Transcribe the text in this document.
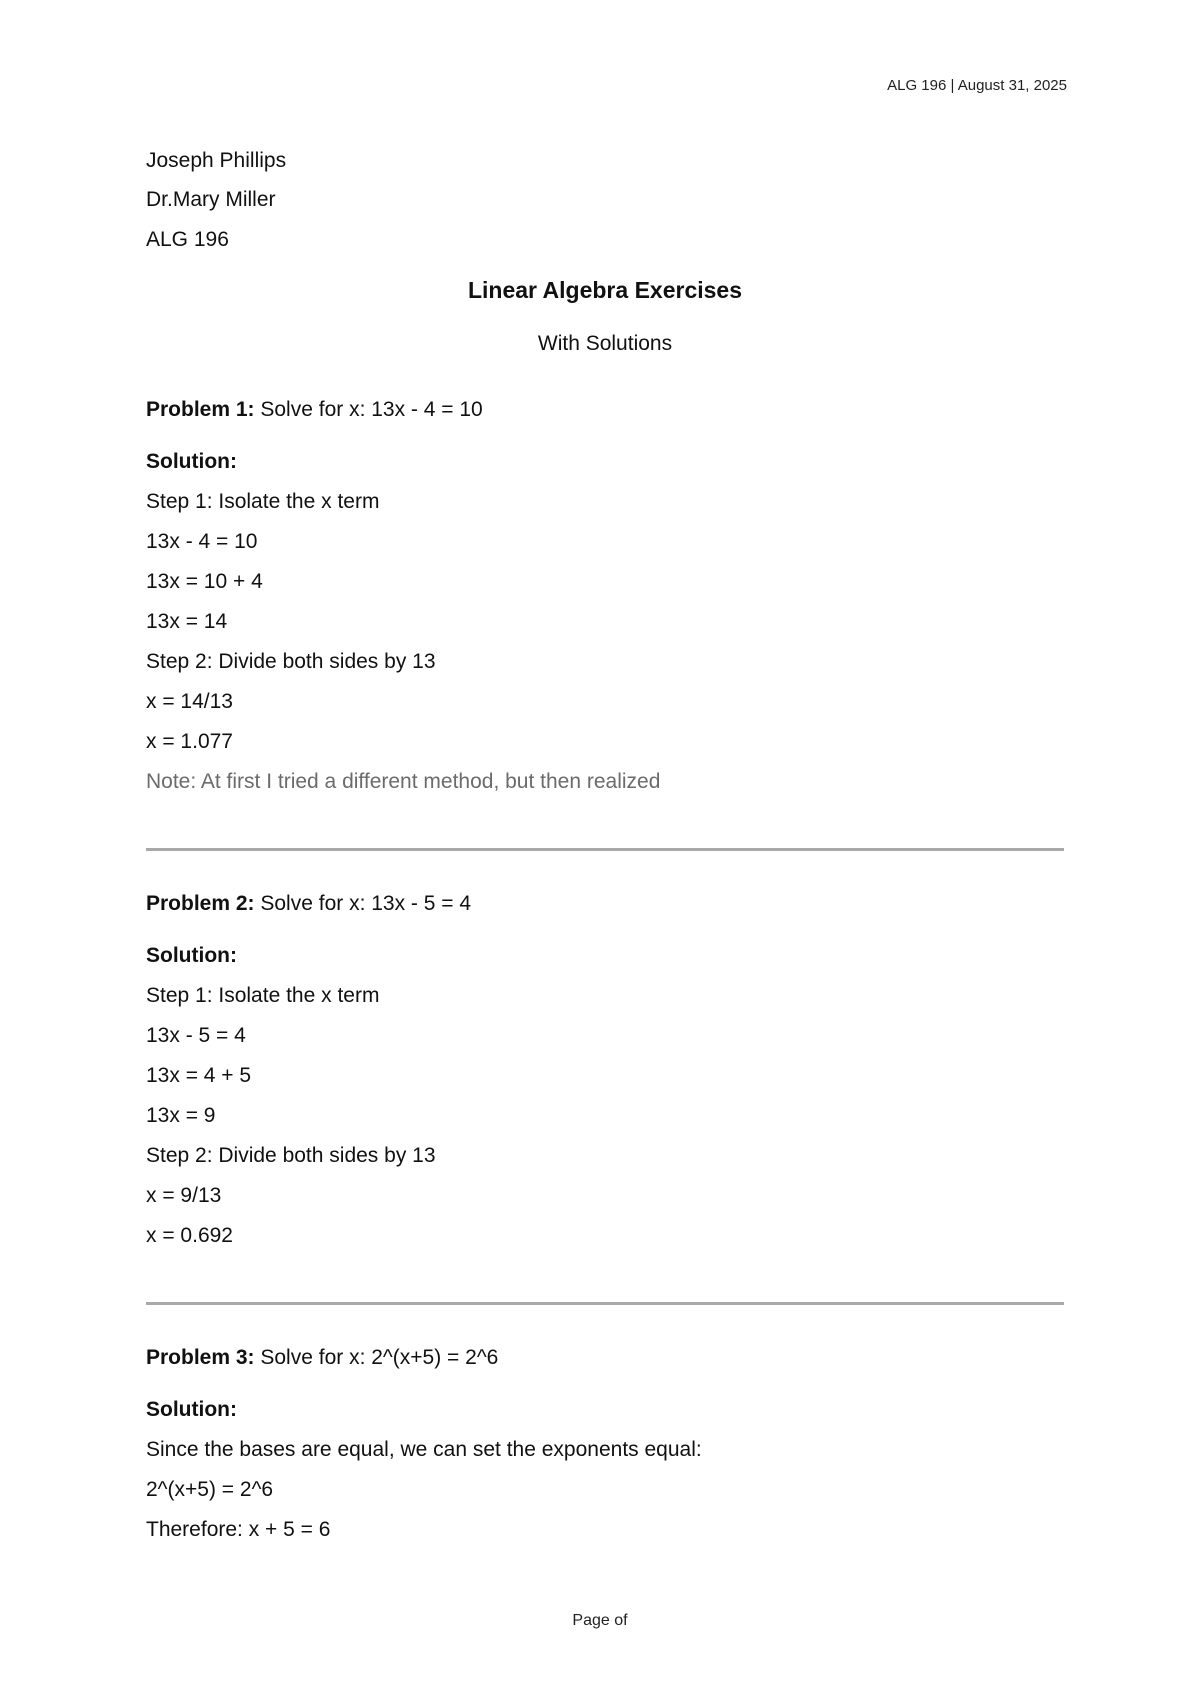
ALG 196 | August 31, 2025
Joseph Phillips
Dr.Mary Miller
ALG 196
Linear Algebra Exercises
With Solutions
Problem 1: Solve for x: 13x - 4 = 10
Solution:
Step 1: Isolate the x term
13x - 4 = 10
13x = 10 + 4
13x = 14
Step 2: Divide both sides by 13
x = 14/13
x = 1.077
Note: At first I tried a different method, but then realized
Problem 2: Solve for x: 13x - 5 = 4
Solution:
Step 1: Isolate the x term
13x - 5 = 4
13x = 4 + 5
13x = 9
Step 2: Divide both sides by 13
x = 9/13
x = 0.692
Problem 3: Solve for x: 2^(x+5) = 2^6
Solution:
Since the bases are equal, we can set the exponents equal:
2^(x+5) = 2^6
Therefore: x + 5 = 6
Page of
